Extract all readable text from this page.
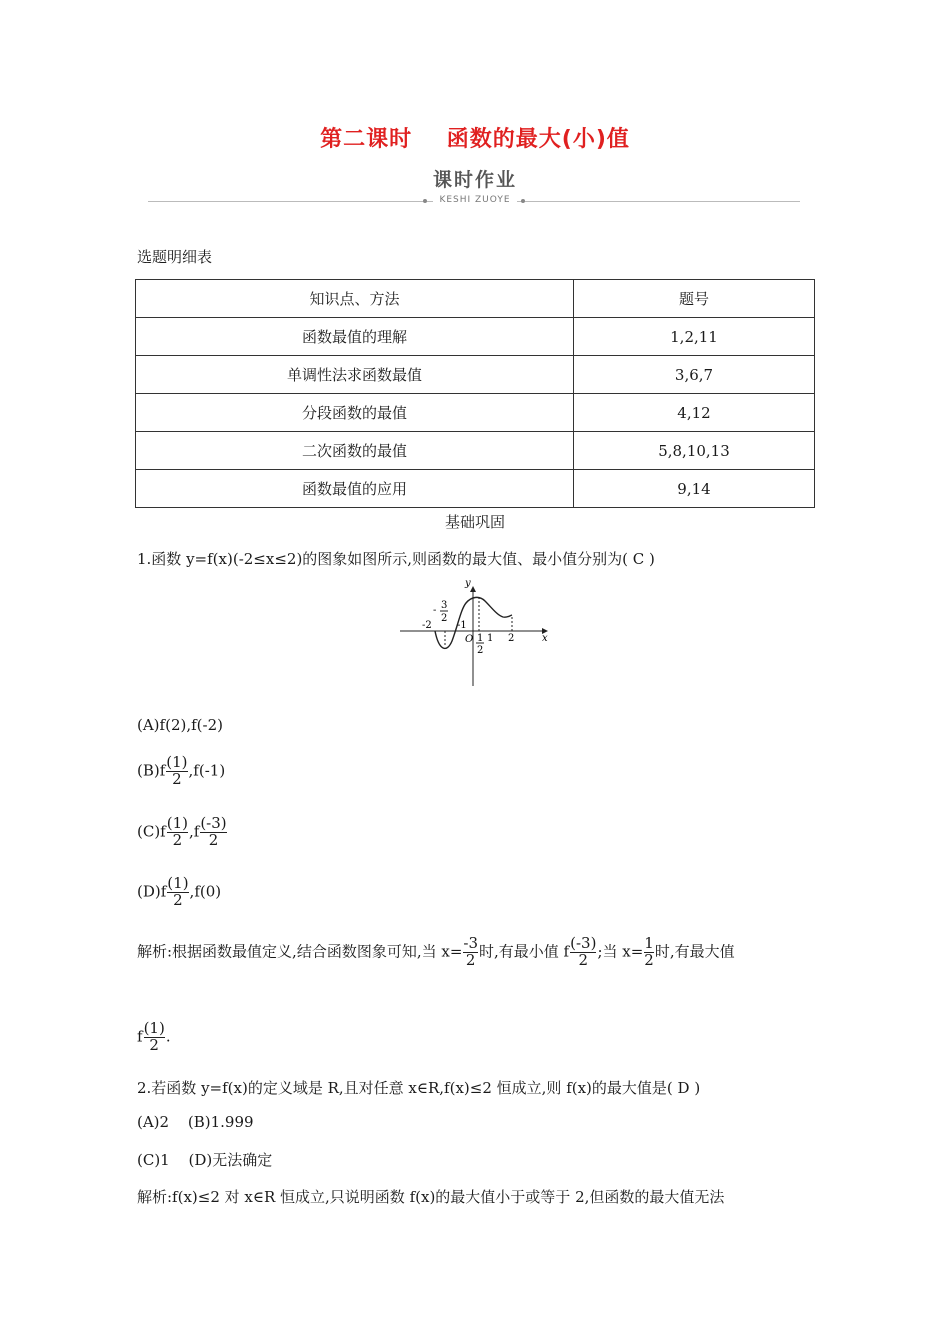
第二课时 函数的最大(小)值
课时作业
KESHI ZUOYE
选题明细表
知识点、方法	题号
函数最值的理解	1,2,11
单调性法求函数最值	3,6,7
分段函数的最值	4,12
二次函数的最值	5,8,10,13
函数最值的应用	9,14
基础巩固
1.函数 y=f(x)(-2≤x≤2)的图象如图所示,则函数的最大值、最小值分别为( C )
y
x
O
-2	-1
- 3
2
1
2
1 2
(A)f(2),f(-2)
$(B)f \frac{(1)}{2} ,f(-1)$
$(C)f \frac{(1)}{2} ,f \frac{(-3)}{2}$
$(D)f \frac{(1)}{2} ,f(0)$
解析:根据函数最值定义,结合函数图象可知,当 $x= \frac{-3}{2}$ 时,有最小值 f $\frac{(-3)}{2}$ ;当 $x= \frac{1}{2}$ 时,有最大值
f $\frac{(1)}{2}$ .
2.若函数 y=f(x)的定义域是 R,且对任意 x∈R,f(x)≤2 恒成立,则 f(x)的最大值是( D )
(A)2 (B)1.999
(C)1 (D)无法确定
解析:f(x)≤2 对 x∈R 恒成立,只说明函数 f(x)的最大值小于或等于 2,但函数的最大值无法
